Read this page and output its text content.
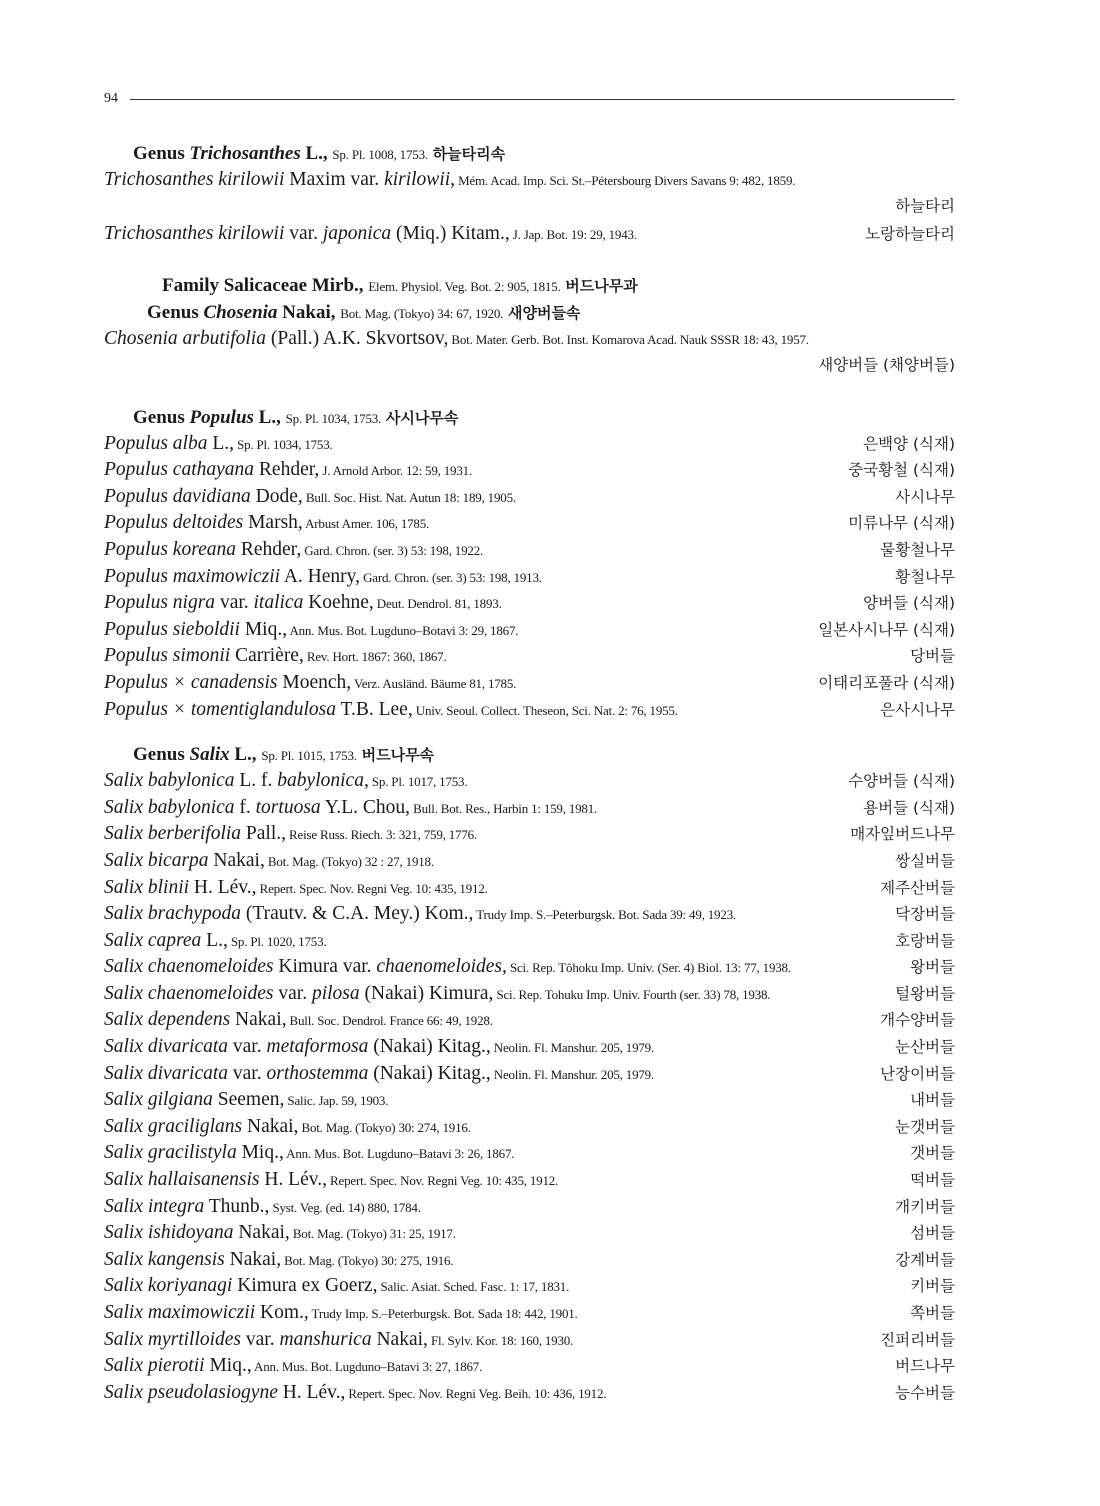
94
Genus Trichosanthes L., Sp. Pl. 1008, 1753. 하늘타리속
Trichosanthes kirilowii Maxim var. kirilowii, Mém. Acad. Imp. Sci. St.–Pétersbourg Divers Savans 9: 482, 1859.
하늘타리
Trichosanthes kirilowii var. japonica (Miq.) Kitam., J. Jap. Bot. 19: 29, 1943.	노랑하늘타리
Family Salicaceae Mirb., Elem. Physiol. Veg. Bot. 2: 905, 1815. 버드나무과
Genus Chosenia Nakai, Bot. Mag. (Tokyo) 34: 67, 1920. 새양버들속
Chosenia arbutifolia (Pall.) A.K. Skvortsov, Bot. Mater. Gerb. Bot. Inst. Komarova Acad. Nauk SSSR 18: 43, 1957.
새양버들 (채양버들)
Genus Populus L., Sp. Pl. 1034, 1753. 사시나무속
Populus alba L., Sp. Pl. 1034, 1753.	은백양 (식재)
Populus cathayana Rehder, J. Arnold Arbor. 12: 59, 1931.	중국황철 (식재)
Populus davidiana Dode, Bull. Soc. Hist. Nat. Autun 18: 189, 1905.	사시나무
Populus deltoides Marsh, Arbust Amer. 106, 1785.	미류나무 (식재)
Populus koreana Rehder, Gard. Chron. (ser. 3) 53: 198, 1922.	물황철나무
Populus maximowiczii A. Henry, Gard. Chron. (ser. 3) 53: 198, 1913.	황철나무
Populus nigra var. italica Koehne, Deut. Dendrol. 81, 1893.	양버들 (식재)
Populus sieboldii Miq., Ann. Mus. Bot. Lugduno–Botavi 3: 29, 1867.	일본사시나무 (식재)
Populus simonii Carrière, Rev. Hort. 1867: 360, 1867.	당버들
Populus × canadensis Moench, Verz. Ausländ. Bäume 81, 1785.	이태리포풀라 (식재)
Populus × tomentiglandulosa T.B. Lee, Univ. Seoul. Collect. Theseon, Sci. Nat. 2: 76, 1955.	은사시나무
Genus Salix L., Sp. Pl. 1015, 1753. 버드나무속
Salix babylonica L. f. babylonica, Sp. Pl. 1017, 1753.	수양버들 (식재)
Salix babylonica f. tortuosa Y.L. Chou, Bull. Bot. Res., Harbin 1: 159, 1981.	용버들 (식재)
Salix berberifolia Pall., Reise Russ. Riech. 3: 321, 759, 1776.	매자잎버드나무
Salix bicarpa Nakai, Bot. Mag. (Tokyo) 32 : 27, 1918.	쌍실버들
Salix blinii H. Lév., Repert. Spec. Nov. Regni Veg. 10: 435, 1912.	제주산버들
Salix brachypoda (Trautv. & C.A. Mey.) Kom., Trudy Imp. S.–Peterburgsk. Bot. Sada 39: 49, 1923.	닥장버들
Salix caprea L., Sp. Pl. 1020, 1753.	호랑버들
Salix chaenomeloides Kimura var. chaenomeloides, Sci. Rep. Tôhoku Imp. Univ. (Ser. 4) Biol. 13: 77, 1938.	왕버들
Salix chaenomeloides var. pilosa (Nakai) Kimura, Sci. Rep. Tohuku Imp. Univ. Fourth (ser. 33) 78, 1938.	털왕버들
Salix dependens Nakai, Bull. Soc. Dendrol. France 66: 49, 1928.	개수양버들
Salix divaricata var. metaformosa (Nakai) Kitag., Neolin. Fl. Manshur. 205, 1979.	눈산버들
Salix divaricata var. orthostemma (Nakai) Kitag., Neolin. Fl. Manshur. 205, 1979.	난장이버들
Salix gilgiana Seemen, Salic. Jap. 59, 1903.	내버들
Salix graciliglans Nakai, Bot. Mag. (Tokyo) 30: 274, 1916.	눈갯버들
Salix gracilistyla Miq., Ann. Mus. Bot. Lugduno–Batavi 3: 26, 1867.	갯버들
Salix hallaisanensis H. Lév., Repert. Spec. Nov. Regni Veg. 10: 435, 1912.	떡버들
Salix integra Thunb., Syst. Veg. (ed. 14) 880, 1784.	개키버들
Salix ishidoyana Nakai, Bot. Mag. (Tokyo) 31: 25, 1917.	섬버들
Salix kangensis Nakai, Bot. Mag. (Tokyo) 30: 275, 1916.	강계버들
Salix koriyanagi Kimura ex Goerz, Salic. Asiat. Sched. Fasc. 1: 17, 1831.	키버들
Salix maximowiczii Kom., Trudy Imp. S.–Peterburgsk. Bot. Sada 18: 442, 1901.	쪽버들
Salix myrtilloides var. manshurica Nakai, Fl. Sylv. Kor. 18: 160, 1930.	진퍼리버들
Salix pierotii Miq., Ann. Mus. Bot. Lugduno–Batavi 3: 27, 1867.	버드나무
Salix pseudolasiogyne H. Lév., Repert. Spec. Nov. Regni Veg. Beih. 10: 436, 1912.	능수버들
